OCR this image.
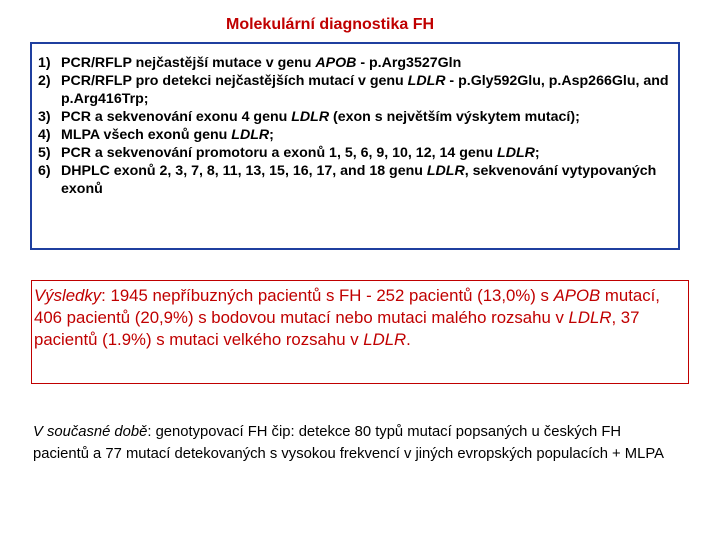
Molekulární diagnostika FH
1) PCR/RFLP nejčastější mutace v genu APOB - p.Arg3527Gln
2) PCR/RFLP pro detekci nejčastějších mutací v genu LDLR - p.Gly592Glu, p.Asp266Glu, and p.Arg416Trp;
3) PCR a sekvenování exonu 4 genu LDLR (exon s největším výskytem mutací);
4) MLPA všech exonů genu LDLR;
5) PCR a sekvenování promotoru a exonů 1, 5, 6, 9, 10, 12, 14 genu LDLR;
6) DHPLC exonů 2, 3, 7, 8, 11, 13, 15, 16, 17, and 18 genu LDLR, sekvenování vytypovaných exonů

Výsledky: 1945 nepříbuzných pacientů s FH - 252 pacientů (13,0%) s APOB mutací, 406 pacientů (20,9%) s bodovou mutací nebo mutaci malého rozsahu v LDLR, 37 pacientů (1.9%) s mutaci velkého rozsahu v LDLR.

V současné době: genotypovací FH čip: detekce 80 typů mutací popsaných u českých FH pacientů a 77 mutací detekovaných s vysokou frekvencí v jiných evropských populacích + MLPA
